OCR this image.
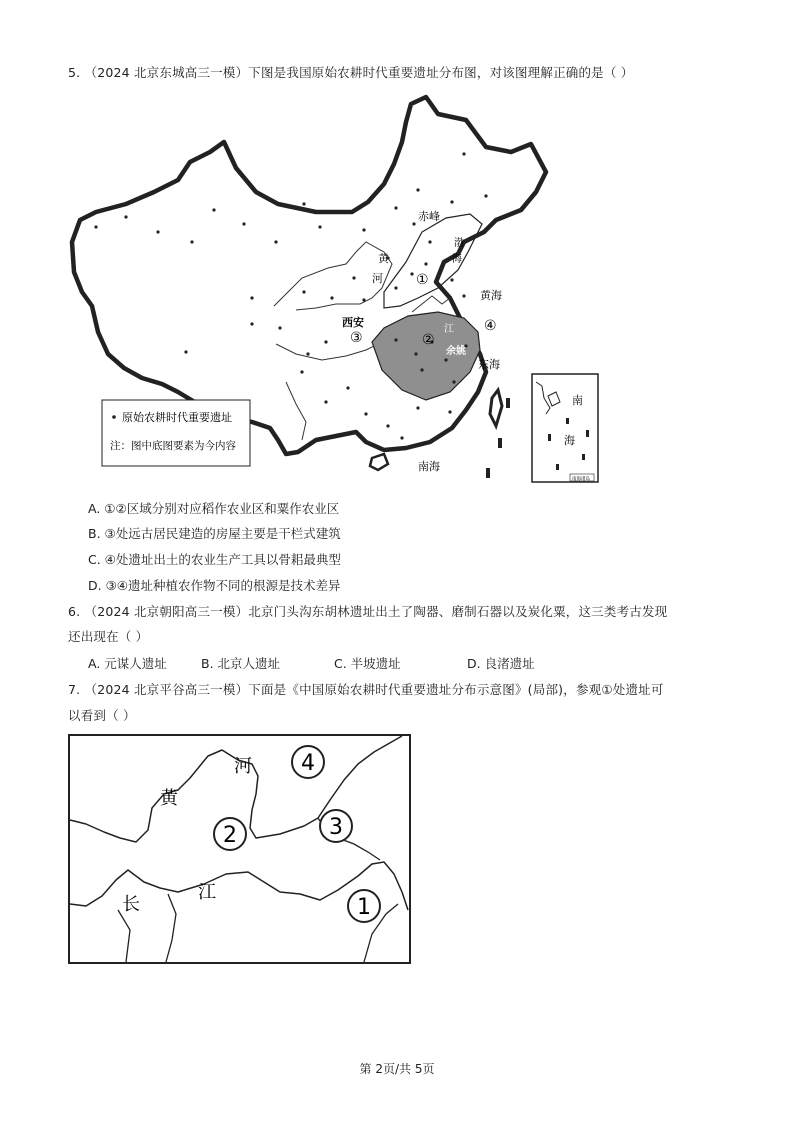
5. （2024 北京东城高三一模）下图是我国原始农耕时代重要遗址分布图，对该图理解正确的是（ ）
赤峰
黄
河
渤
海
①
黄海
西安
③	②
江
余姚
④
东海
南海
原始农耕时代重要遗址
注：图中底图要素为今内容
南
海
南海诸岛
A. ①②区域分别对应稻作农业区和粟作农业区
B. ③处远古居民建造的房屋主要是干栏式建筑
C. ④处遗址出土的农业生产工具以骨耜最典型
D. ③④遗址种植农作物不同的根源是技术差异
6. （2024 北京朝阳高三一模）北京门头沟东胡林遗址出土了陶器、磨制石器以及炭化粟，这三类考古发现
还出现在（ ）
A. 元谋人遗址	B. 北京人遗址	C. 半坡遗址	D. 良渚遗址
7. （2024 北京平谷高三一模）下面是《中国原始农耕时代重要遗址分布示意图》(局部)，参观①处遗址可
以看到（ ）
河
黄
长
江
4
2	3
1
第 2页/共 5页
